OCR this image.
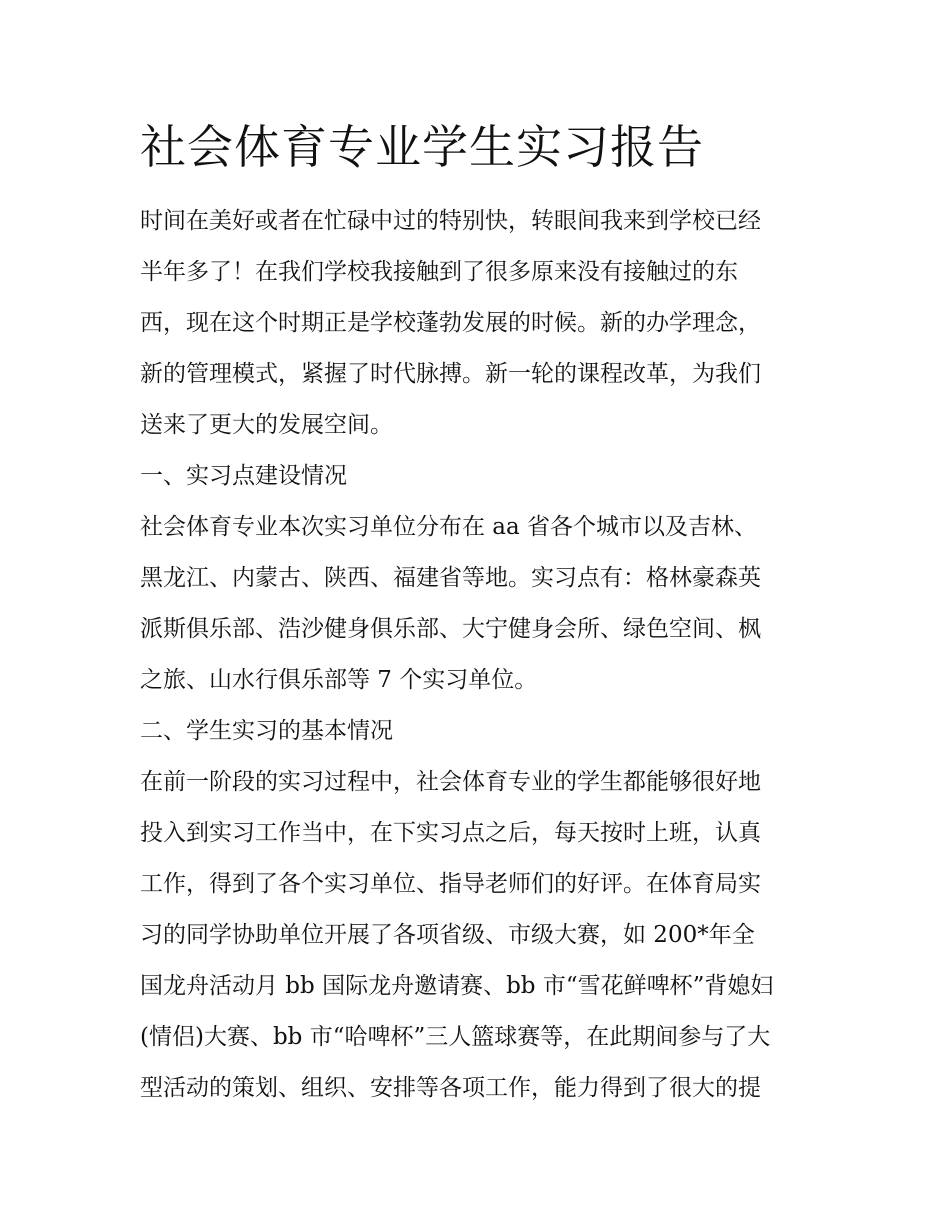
社会体育专业学生实习报告
时间在美好或者在忙碌中过的特别快，转眼间我来到学校已经
半年多了！在我们学校我接触到了很多原来没有接触过的东
西，现在这个时期正是学校蓬勃发展的时候。新的办学理念，
新的管理模式，紧握了时代脉搏。新一轮的课程改革，为我们
送来了更大的发展空间。
一、实习点建设情况
社会体育专业本次实习单位分布在 aa 省各个城市以及吉林、
黑龙江、内蒙古、陕西、福建省等地。实习点有：格林豪森英
派斯俱乐部、浩沙健身俱乐部、大宁健身会所、绿色空间、枫
之旅、山水行俱乐部等 7 个实习单位。
二、学生实习的基本情况
在前一阶段的实习过程中，社会体育专业的学生都能够很好地
投入到实习工作当中，在下实习点之后，每天按时上班，认真
工作，得到了各个实习单位、指导老师们的好评。在体育局实
习的同学协助单位开展了各项省级、市级大赛，如 200*年全
国龙舟活动月 bb 国际龙舟邀请赛、bb 市“雪花鲜啤杯”背媳妇
(情侣)大赛、bb 市“哈啤杯”三人篮球赛等，在此期间参与了大
型活动的策划、组织、安排等各项工作，能力得到了很大的提
